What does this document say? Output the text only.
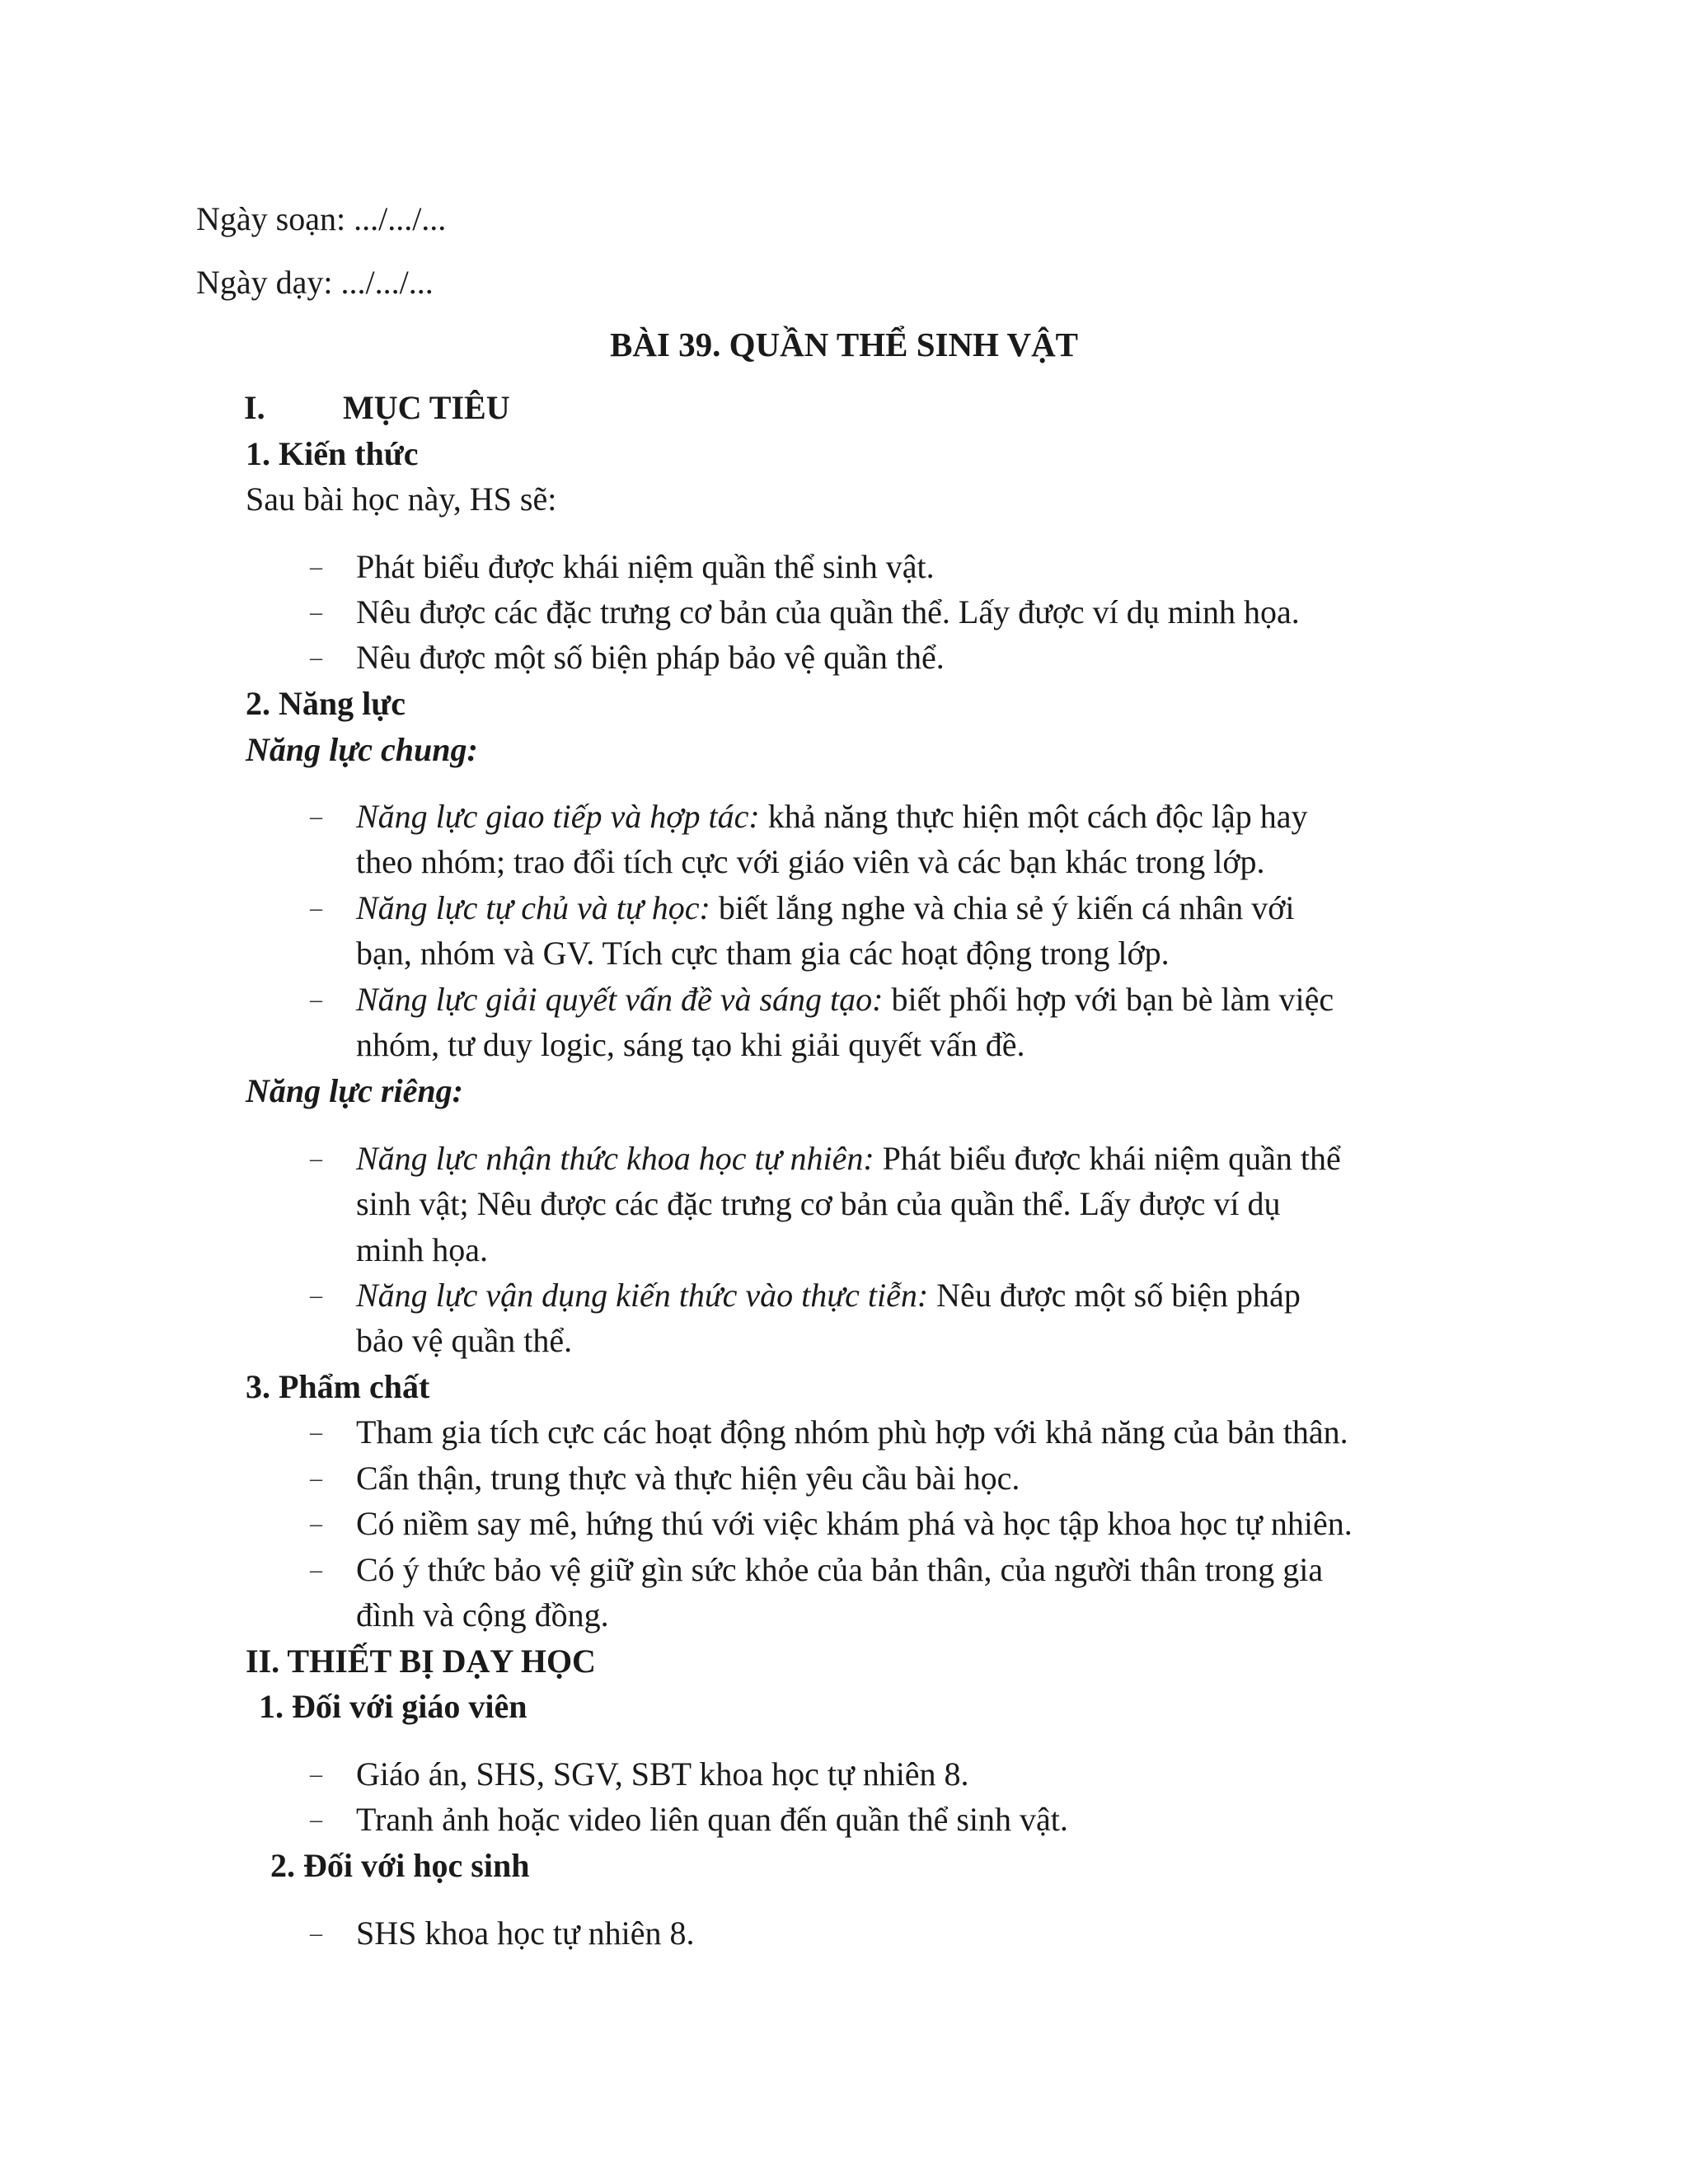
Ngày soạn: .../.../...
Ngày dạy: .../.../...
BÀI 39. QUẦN THỂ SINH VẬT
I. MỤC TIÊU
1. Kiến thức
Sau bài học này, HS sẽ:
– Phát biểu được khái niệm quần thể sinh vật.
– Nêu được các đặc trưng cơ bản của quần thể. Lấy được ví dụ minh họa.
– Nêu được một số biện pháp bảo vệ quần thể.
2. Năng lực
Năng lực chung:
– Năng lực giao tiếp và hợp tác: khả năng thực hiện một cách độc lập hay
theo nhóm; trao đổi tích cực với giáo viên và các bạn khác trong lớp.
– Năng lực tự chủ và tự học: biết lắng nghe và chia sẻ ý kiến cá nhân với
bạn, nhóm và GV. Tích cực tham gia các hoạt động trong lớp.
– Năng lực giải quyết vấn đề và sáng tạo: biết phối hợp với bạn bè làm việc
nhóm, tư duy logic, sáng tạo khi giải quyết vấn đề.
Năng lực riêng:
– Năng lực nhận thức khoa học tự nhiên: Phát biểu được khái niệm quần thể
sinh vật; Nêu được các đặc trưng cơ bản của quần thể. Lấy được ví dụ
minh họa.
– Năng lực vận dụng kiến thức vào thực tiễn: Nêu được một số biện pháp
bảo vệ quần thể.
3. Phẩm chất
– Tham gia tích cực các hoạt động nhóm phù hợp với khả năng của bản thân.
– Cẩn thận, trung thực và thực hiện yêu cầu bài học.
– Có niềm say mê, hứng thú với việc khám phá và học tập khoa học tự nhiên.
– Có ý thức bảo vệ giữ gìn sức khỏe của bản thân, của người thân trong gia
đình và cộng đồng.
II. THIẾT BỊ DẠY HỌC
1. Đối với giáo viên
– Giáo án, SHS, SGV, SBT khoa học tự nhiên 8.
– Tranh ảnh hoặc video liên quan đến quần thể sinh vật.
2. Đối với học sinh
– SHS khoa học tự nhiên 8.
